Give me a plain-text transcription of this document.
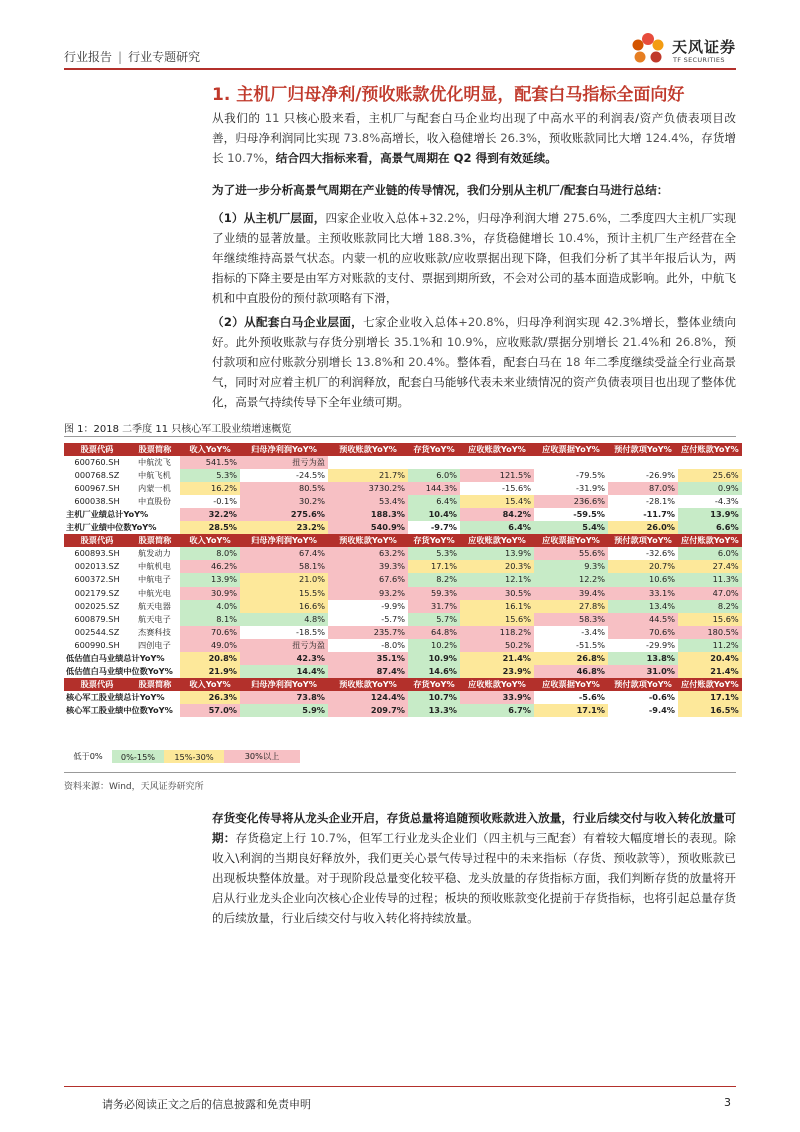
行业报告 | 行业专题研究
天风证券
TF SECURITIES
1. 主机厂归母净利/预收账款优化明显，配套白马指标全面向好
从我们的 11 只核心股来看，主机厂与配套白马企业均出现了中高水平的利润表/资产负债表项目改善，归母净利润同比实现 73.8%高增长，收入稳健增长 26.3%，预收账款同比大增 124.4%，存货增长 10.7%，结合四大指标来看，高景气周期在 Q2 得到有效延续。
为了进一步分析高景气周期在产业链的传导情况，我们分别从主机厂/配套白马进行总结：
（1）从主机厂层面，四家企业收入总体+32.2%，归母净利润大增 275.6%，二季度四大主机厂实现了业绩的显著放量。主预收账款同比大增 188.3%，存货稳健增长 10.4%，预计主机厂生产经营在全年继续维持高景气状态。内蒙一机的应收账款/应收票据出现下降，但我们分析了其半年报后认为，两指标的下降主要是由军方对账款的支付、票据到期所致，不会对公司的基本面造成影响。此外，中航飞机和中直股份的预付款项略有下滑，
（2）从配套白马企业层面，七家企业收入总体+20.8%，归母净利润实现 42.3%增长，整体业绩向好。此外预收账款与存货分别增长 35.1%和 10.9%，应收账款/票据分别增长 21.4%和 26.8%，预付款项和应付账款分别增长 13.8%和 20.4%。整体看，配套白马在 18 年二季度继续受益全行业高景气，同时对应着主机厂的利润释放，配套白马能够代表未来业绩情况的资产负债表项目也出现了整体优化，高景气持续传导下全年业绩可期。
图 1：2018 二季度 11 只核心军工股业绩增速概览
股票代码	股票简称	收入YoY%	归母净利润YoY%	预收账款YoY%	存货YoY%	应收账款YoY%	应收票据YoY%	预付款项YoY%	应付账款YoY%
600760.SH	中航沈飞	541.5%	扭亏为盈						
000768.SZ	中航飞机	5.3%	-24.5%	21.7%	6.0%	121.5%	-79.5%	-26.9%	25.6%
600967.SH	内蒙一机	16.2%	80.5%	3730.2%	144.3%	-15.6%	-31.9%	87.0%	0.9%
600038.SH	中直股份	-0.1%	30.2%	53.4%	6.4%	15.4%	236.6%	-28.1%	-4.3%
主机厂业绩总计YoY%		32.2%	275.6%	188.3%	10.4%	84.2%	-59.5%	-11.7%	13.9%
主机厂业绩中位数YoY%		28.5%	23.2%	540.9%	-9.7%	6.4%	5.4%	26.0%	6.6%
股票代码	股票简称	收入YoY%	归母净利润YoY%	预收账款YoY%	存货YoY%	应收账款YoY%	应收票据YoY%	预付款项YoY%	应付账款YoY%
600893.SH	航发动力	8.0%	67.4%	63.2%	5.3%	13.9%	55.6%	-32.6%	6.0%
002013.SZ	中航机电	46.2%	58.1%	39.3%	17.1%	20.3%	9.3%	20.7%	27.4%
600372.SH	中航电子	13.9%	21.0%	67.6%	8.2%	12.1%	12.2%	10.6%	11.3%
002179.SZ	中航光电	30.9%	15.5%	93.2%	59.3%	30.5%	39.4%	33.1%	47.0%
002025.SZ	航天电器	4.0%	16.6%	-9.9%	31.7%	16.1%	27.8%	13.4%	8.2%
600879.SH	航天电子	8.1%	4.8%	-5.7%	5.7%	15.6%	58.3%	44.5%	15.6%
002544.SZ	杰赛科技	70.6%	-18.5%	235.7%	64.8%	118.2%	-3.4%	70.6%	180.5%
600990.SH	四创电子	49.0%	扭亏为盈	-8.0%	10.2%	50.2%	-51.5%	-29.9%	11.2%
低估值白马业绩总计YoY%		20.8%	42.3%	35.1%	10.9%	21.4%	26.8%	13.8%	20.4%
低估值白马业绩中位数YoY%		21.9%	14.4%	87.4%	14.6%	23.9%	46.8%	31.0%	21.4%
股票代码	股票简称	收入YoY%	归母净利润YoY%	预收账款YoY%	存货YoY%	应收账款YoY%	应收票据YoY%	预付款项YoY%	应付账款YoY%
核心军工股业绩总计YoY%		26.3%	73.8%	124.4%	10.7%	33.9%	-5.6%	-0.6%	17.1%
核心军工股业绩中位数YoY%		57.0%	5.9%	209.7%	13.3%	6.7%	17.1%	-9.4%	16.5%
低于0%	0%-15%	15%-30%	30%以上
资料来源：Wind，天风证券研究所
存货变化传导将从龙头企业开启，存货总量将追随预收账款进入放量，行业后续交付与收入转化放量可期：存货稳定上行 10.7%，但军工行业龙头企业们（四主机与三配套）有着较大幅度增长的表现。除收入\利润的当期良好释放外，我们更关心景气传导过程中的未来指标（存货、预收款等），预收账款已出现板块整体放量。对于现阶段总量变化较平稳、龙头放量的存货指标方面，我们判断存货的放量将开启从行业龙头企业向次核心企业传导的过程；板块的预收账款变化提前于存货指标，也将引起总量存货的后续放量，行业后续交付与收入转化将持续放量。
请务必阅读正文之后的信息披露和免责申明	3
